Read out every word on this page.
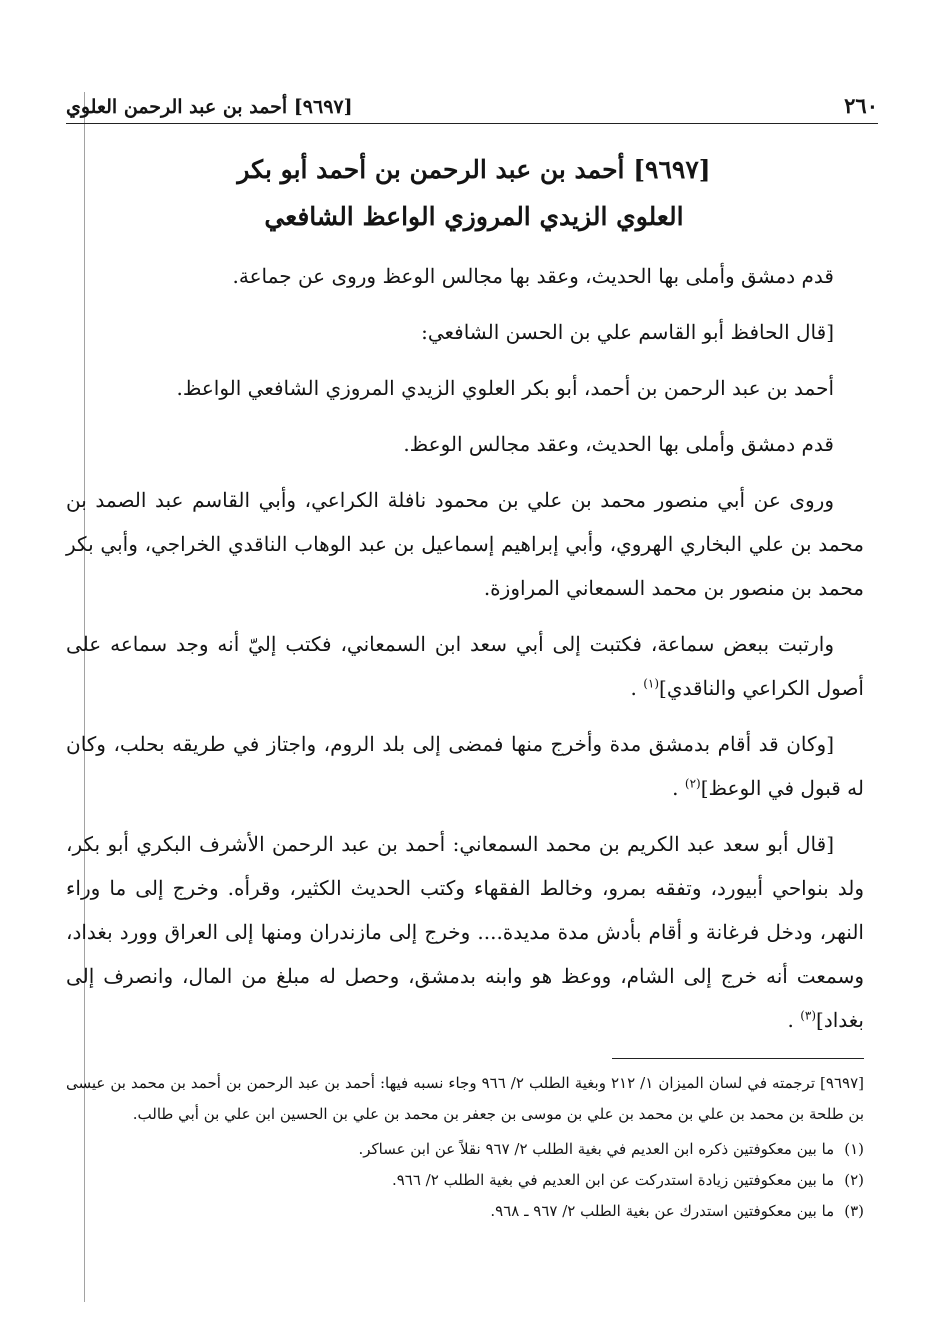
٢٦٠
[٩٦٩٧] أحمد بن عبد الرحمن العلوي
[٩٦٩٧] أحمد بن عبد الرحمن بن أحمد أبو بكر
العلوي الزيدي المروزي الواعظ الشافعي

قدم دمشق وأملى بها الحديث، وعقد بها مجالس الوعظ وروى عن جماعة.

[قال الحافظ أبو القاسم علي بن الحسن الشافعي:

أحمد بن عبد الرحمن بن أحمد، أبو بكر العلوي الزيدي المروزي الشافعي الواعظ.

قدم دمشق وأملى بها الحديث، وعقد مجالس الوعظ.

وروى عن أبي منصور محمد بن علي بن محمود نافلة الكراعي، وأبي القاسم عبد الصمد بن محمد بن علي البخاري الهروي، وأبي إبراهيم إسماعيل بن عبد الوهاب الناقدي الخراجي، وأبي بكر محمد بن منصور بن محمد السمعاني المراوزة.

وارتبت ببعض سماعة، فكتبت إلى أبي سعد ابن السمعاني، فكتب إليّ أنه وجد سماعه على أصول الكراعي والناقدي]$^{(١)}$ .

[وكان قد أقام بدمشق مدة وأخرج منها فمضى إلى بلد الروم، واجتاز في طريقه بحلب، وكان له قبول في الوعظ]$^{(٢)}$ .

[قال أبو سعد عبد الكريم بن محمد السمعاني: أحمد بن عبد الرحمن الأشرف البكري أبو بكر، ولد بنواحي أبيورد، وتفقه بمرو، وخالط الفقهاء وكتب الحديث الكثير، وقرأه. وخرج إلى ما وراء النهر، ودخل فرغانة و أقام بأدش مدة مديدة.... وخرج إلى مازندران ومنها إلى العراق وورد بغداد، وسمعت أنه خرج إلى الشام، ووعظ هو وابنه بدمشق، وحصل له مبلغ من المال، وانصرف إلى بغداد]$^{(٣)}$ .

[٩٦٩٧] ترجمته في لسان الميزان ١/ ٢١٢ وبغية الطلب ٢/ ٩٦٦ وجاء نسبه فيها: أحمد بن عبد الرحمن بن أحمد بن محمد بن عيسى بن طلحة بن محمد بن علي بن محمد بن علي بن موسى بن جعفر بن محمد بن علي بن الحسين ابن علي بن أبي طالب.

(١)
ما بين معكوفتين ذكره ابن العديم في بغية الطلب ٢/ ٩٦٧ نقلاً عن ابن عساكر.
(٢)
ما بين معكوفتين زيادة استدركت عن ابن العديم في بغية الطلب ٢/ ٩٦٦.
(٣)
ما بين معكوفتين استدرك عن بغية الطلب ٢/ ٩٦٧ ـ ٩٦٨.
